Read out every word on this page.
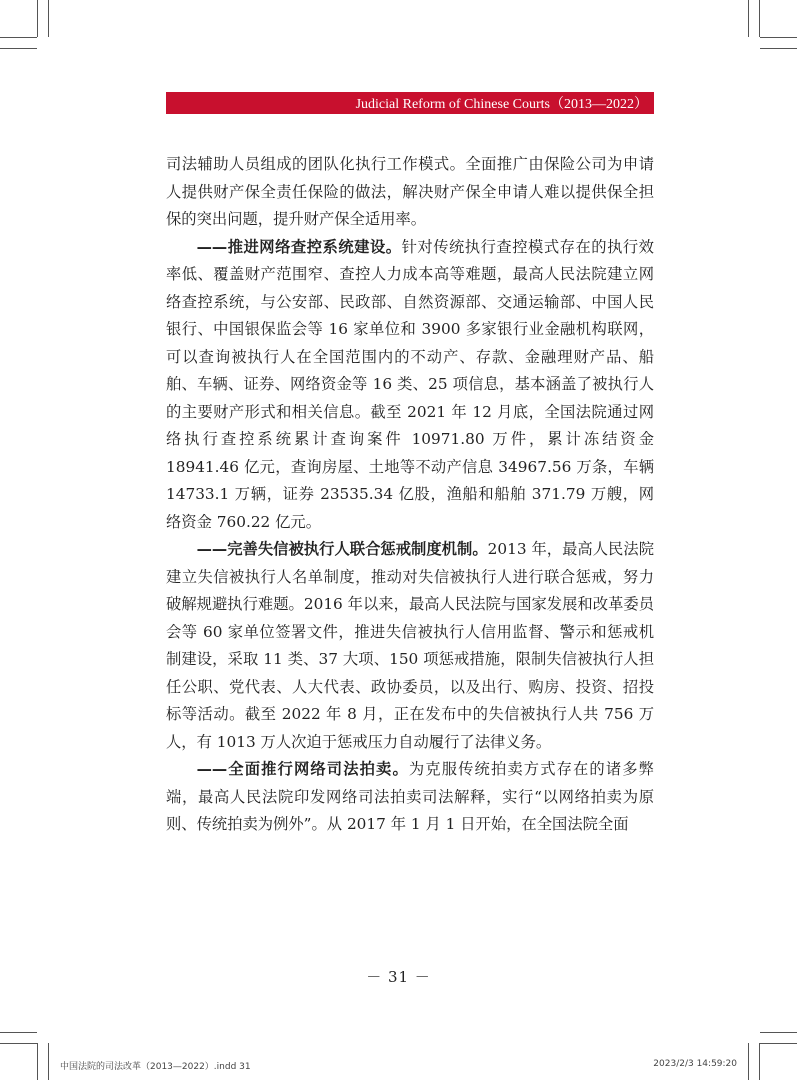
Judicial Reform of Chinese Courts（2013—2022）

司法辅助人员组成的团队化执行工作模式。全面推广由保险公司为申请人提供财产保全责任保险的做法，解决财产保全申请人难以提供保全担保的突出问题，提升财产保全适用率。

——推进网络查控系统建设。针对传统执行查控模式存在的执行效率低、覆盖财产范围窄、查控人力成本高等难题，最高人民法院建立网络查控系统，与公安部、民政部、自然资源部、交通运输部、中国人民银行、中国银保监会等 16 家单位和 3900 多家银行业金融机构联网，可以查询被执行人在全国范围内的不动产、存款、金融理财产品、船舶、车辆、证券、网络资金等 16 类、25 项信息，基本涵盖了被执行人的主要财产形式和相关信息。截至 2021 年 12 月底，全国法院通过网络执行查控系统累计查询案件 10971.80 万件，累计冻结资金 18941.46 亿元，查询房屋、土地等不动产信息 34967.56 万条，车辆 14733.1 万辆，证券 23535.34 亿股，渔船和船舶 371.79 万艘，网络资金 760.22 亿元。

——完善失信被执行人联合惩戒制度机制。2013 年，最高人民法院建立失信被执行人名单制度，推动对失信被执行人进行联合惩戒，努力破解规避执行难题。2016 年以来，最高人民法院与国家发展和改革委员会等 60 家单位签署文件，推进失信被执行人信用监督、警示和惩戒机制建设，采取 11 类、37 大项、150 项惩戒措施，限制失信被执行人担任公职、党代表、人大代表、政协委员，以及出行、购房、投资、招投标等活动。截至 2022 年 8 月，正在发布中的失信被执行人共 756 万人，有 1013 万人次迫于惩戒压力自动履行了法律义务。

——全面推行网络司法拍卖。为克服传统拍卖方式存在的诸多弊端，最高人民法院印发网络司法拍卖司法解释，实行“以网络拍卖为原则、传统拍卖为例外”。从 2017 年 1 月 1 日开始，在全国法院全面

－ 31 －
中国法院的司法改革（2013—2022）.indd 31	2023/2/3 14:59:20
